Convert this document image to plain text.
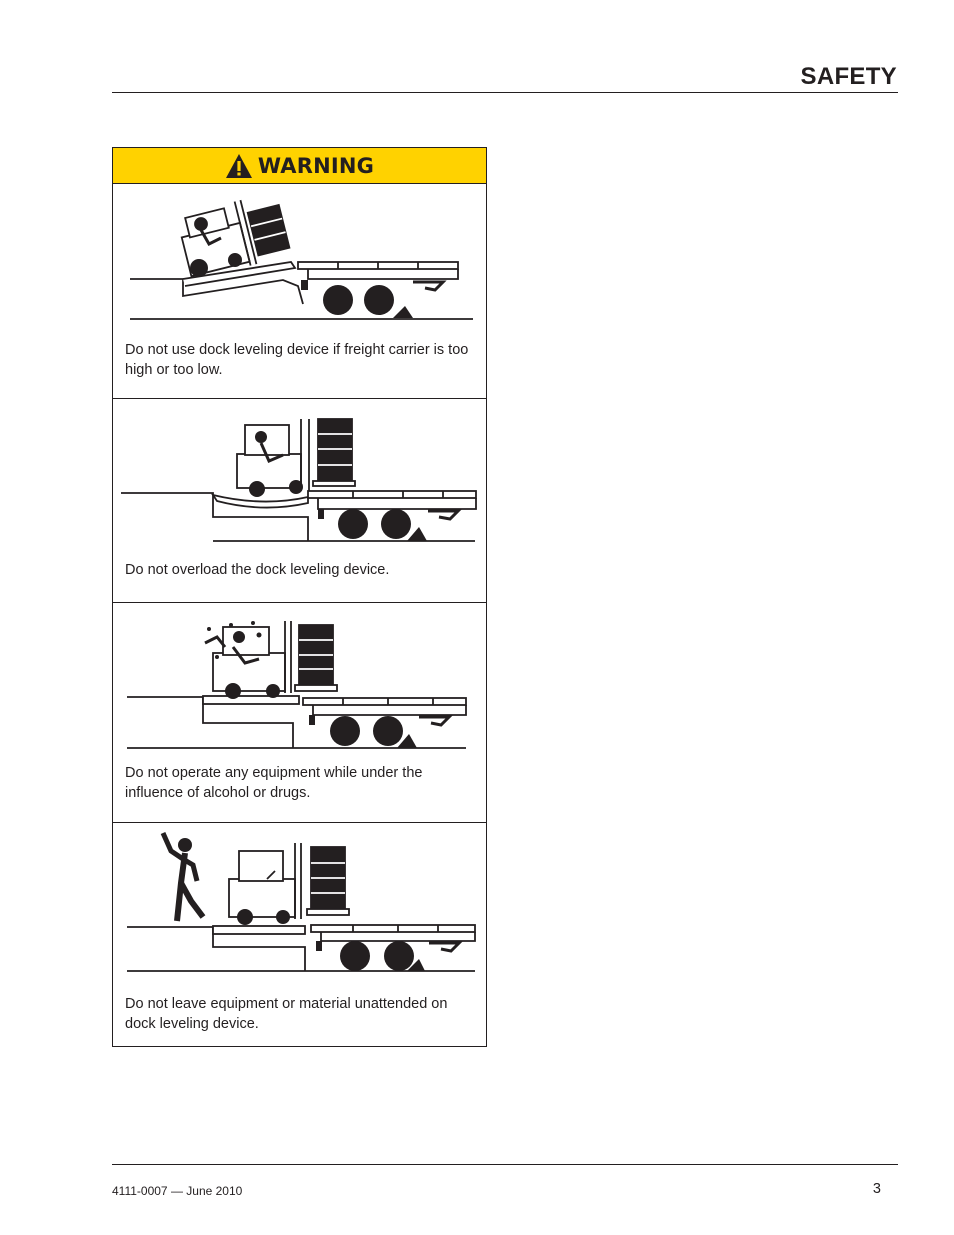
SAFETY
WARNING
Do not use dock leveling device if freight carrier is too high or too low.
Do not overload the dock leveling device.
Do not operate any equipment while under the influence of alcohol or drugs.
Do not leave equipment or material unattended on dock leveling device.
4111-0007 — June 2010	3
